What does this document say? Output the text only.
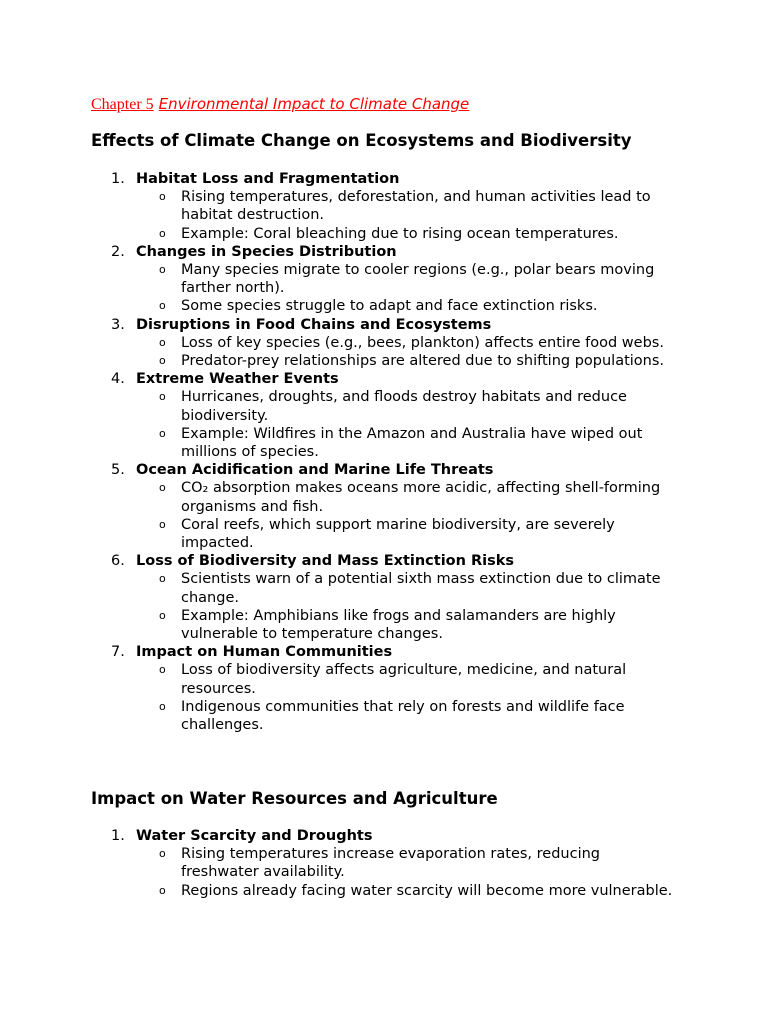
Chapter 5 Environmental Impact to Climate Change
Effects of Climate Change on Ecosystems and Biodiversity
1. Habitat Loss and Fragmentation
o Rising temperatures, deforestation, and human activities lead to habitat destruction.
o Example: Coral bleaching due to rising ocean temperatures.
2. Changes in Species Distribution
o Many species migrate to cooler regions (e.g., polar bears moving farther north).
o Some species struggle to adapt and face extinction risks.
3. Disruptions in Food Chains and Ecosystems
o Loss of key species (e.g., bees, plankton) affects entire food webs.
o Predator-prey relationships are altered due to shifting populations.
4. Extreme Weather Events
o Hurricanes, droughts, and floods destroy habitats and reduce biodiversity.
o Example: Wildfires in the Amazon and Australia have wiped out millions of species.
5. Ocean Acidification and Marine Life Threats
o CO₂ absorption makes oceans more acidic, affecting shell-forming organisms and fish.
o Coral reefs, which support marine biodiversity, are severely impacted.
6. Loss of Biodiversity and Mass Extinction Risks
o Scientists warn of a potential sixth mass extinction due to climate change.
o Example: Amphibians like frogs and salamanders are highly vulnerable to temperature changes.
7. Impact on Human Communities
o Loss of biodiversity affects agriculture, medicine, and natural resources.
o Indigenous communities that rely on forests and wildlife face challenges.
Impact on Water Resources and Agriculture
1. Water Scarcity and Droughts
o Rising temperatures increase evaporation rates, reducing freshwater availability.
o Regions already facing water scarcity will become more vulnerable.
